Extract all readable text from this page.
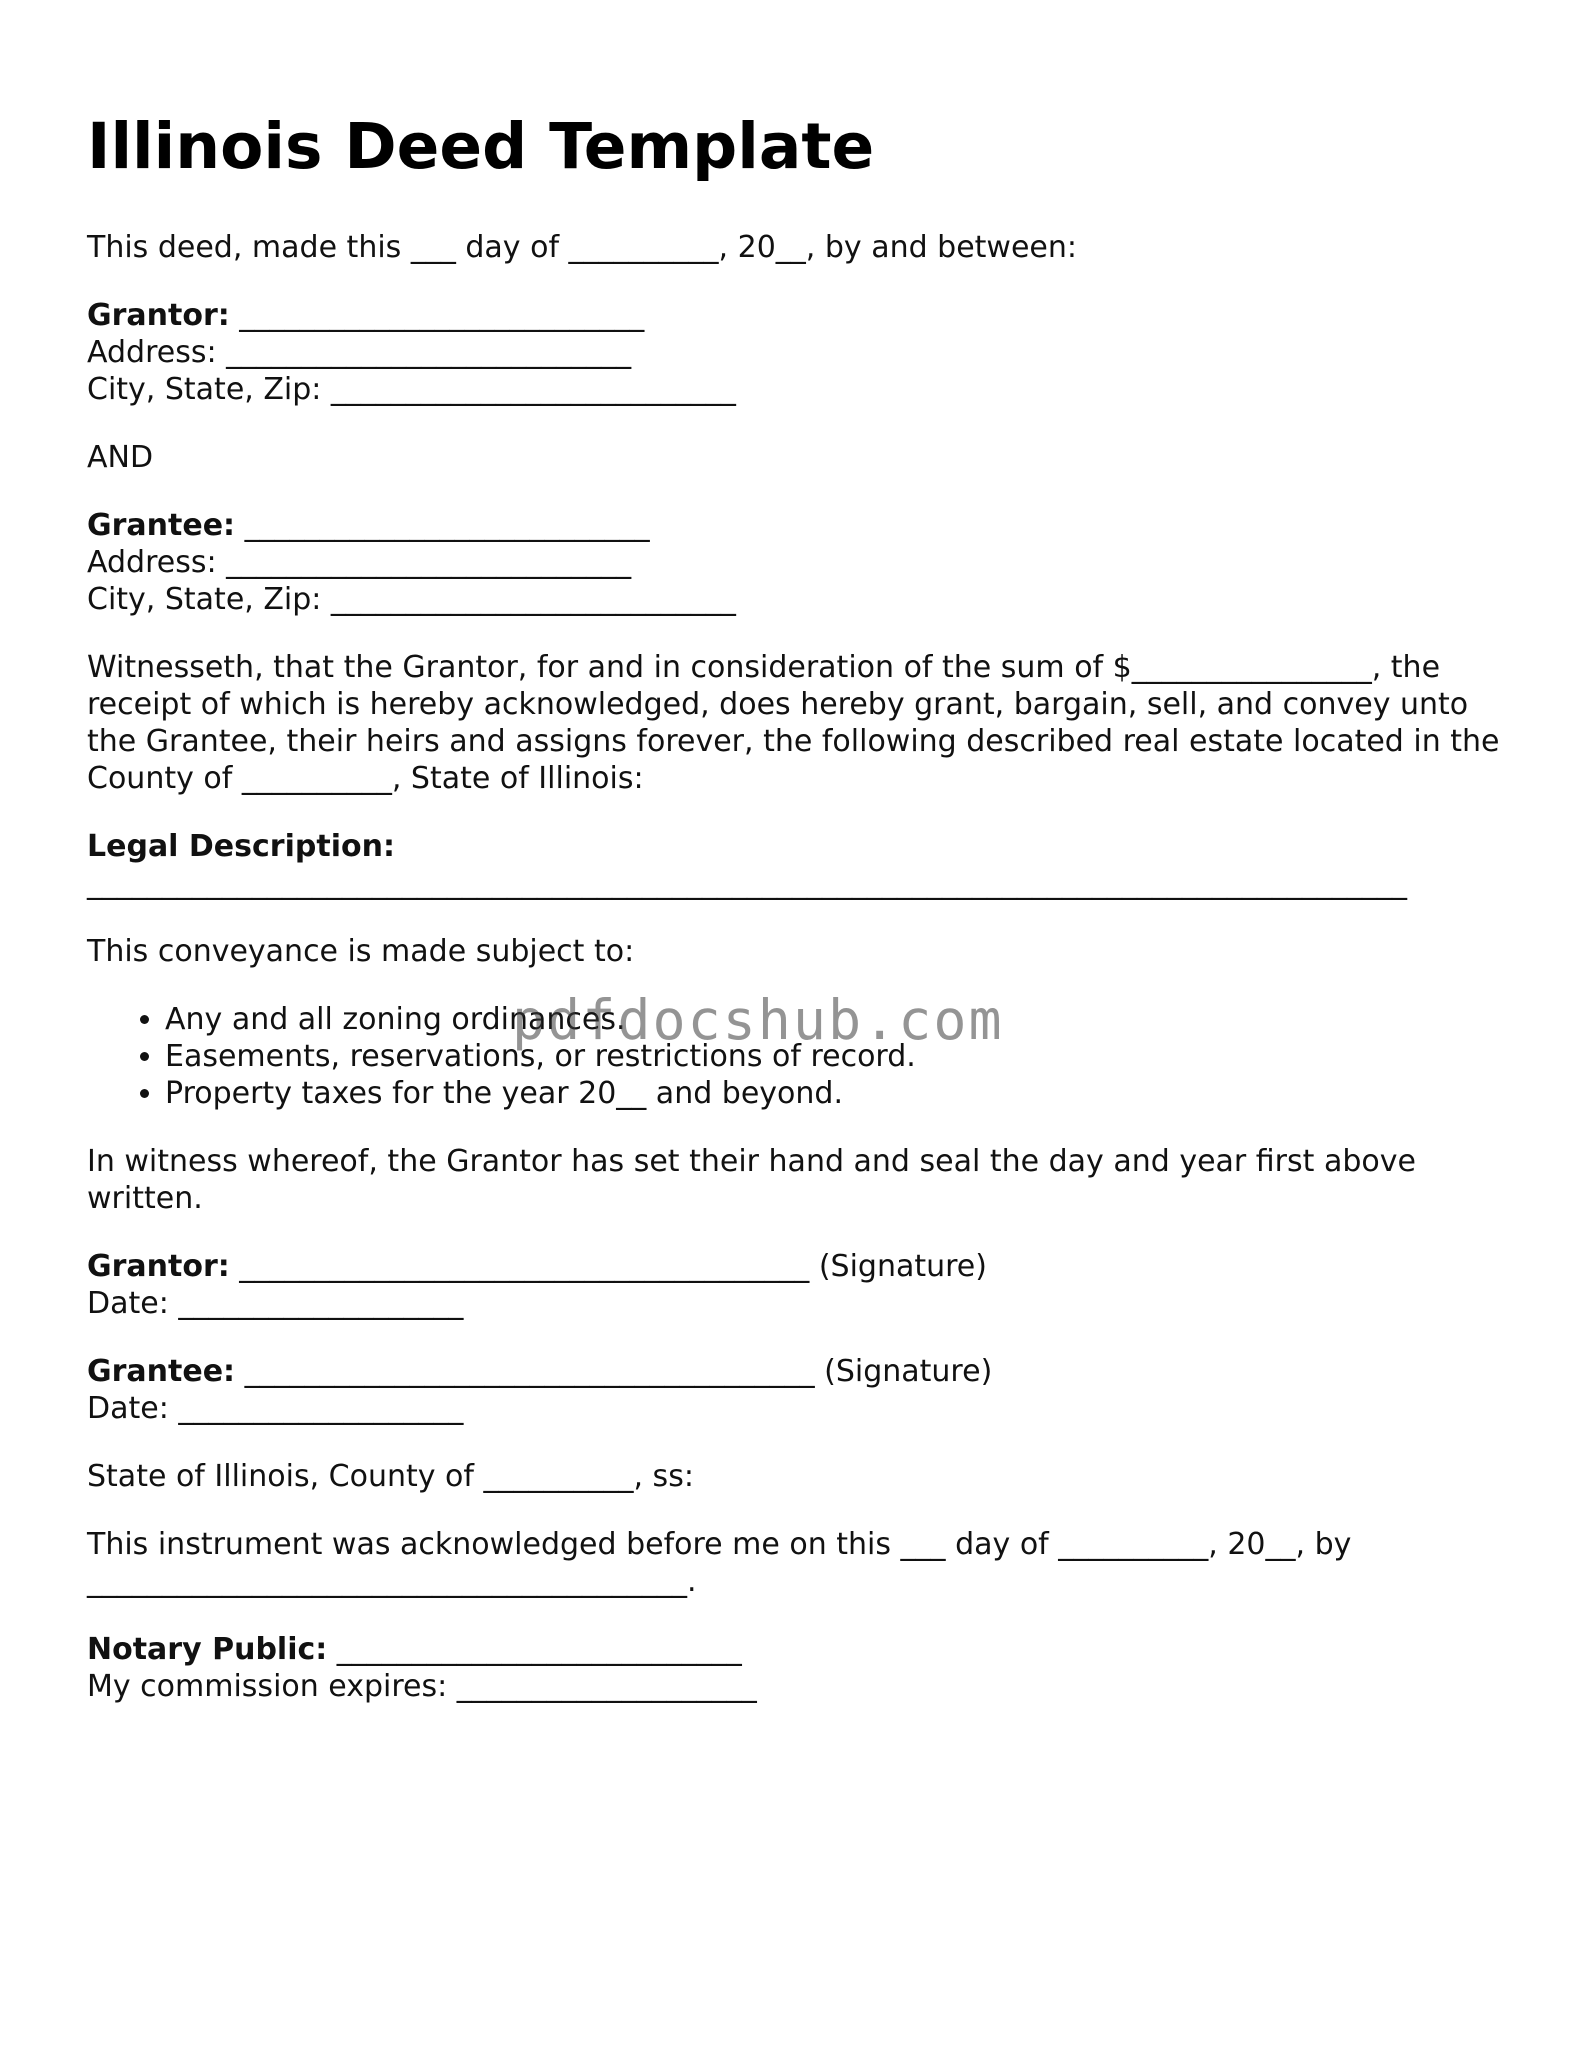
Illinois Deed Template

This deed, made this ___ day of __________, 20__, by and between:

Grantor: ___________________________
Address: ___________________________
City, State, Zip: ___________________________

AND

Grantee: ___________________________
Address: ___________________________
City, State, Zip: ___________________________

Witnesseth, that the Grantor, for and in consideration of the sum of $________________, the receipt of which is hereby acknowledged, does hereby grant, bargain, sell, and convey unto the Grantee, their heirs and assigns forever, the following described real estate located in the County of __________, State of Illinois:

Legal Description:
________________________________________________________________________________________

This conveyance is made subject to:

• Any and all zoning ordinances.
• Easements, reservations, or restrictions of record.
• Property taxes for the year 20__ and beyond.

In witness whereof, the Grantor has set their hand and seal the day and year first above written.

Grantor: ______________________________________ (Signature)
Date: ___________________
Grantee: ______________________________________ (Signature)
Date: ___________________

State of Illinois, County of __________, ss:

This instrument was acknowledged before me on this ___ day of __________, 20__, by ________________________________________.

Notary Public: ___________________________
My commission expires: ____________________
pdfdocshub.com
